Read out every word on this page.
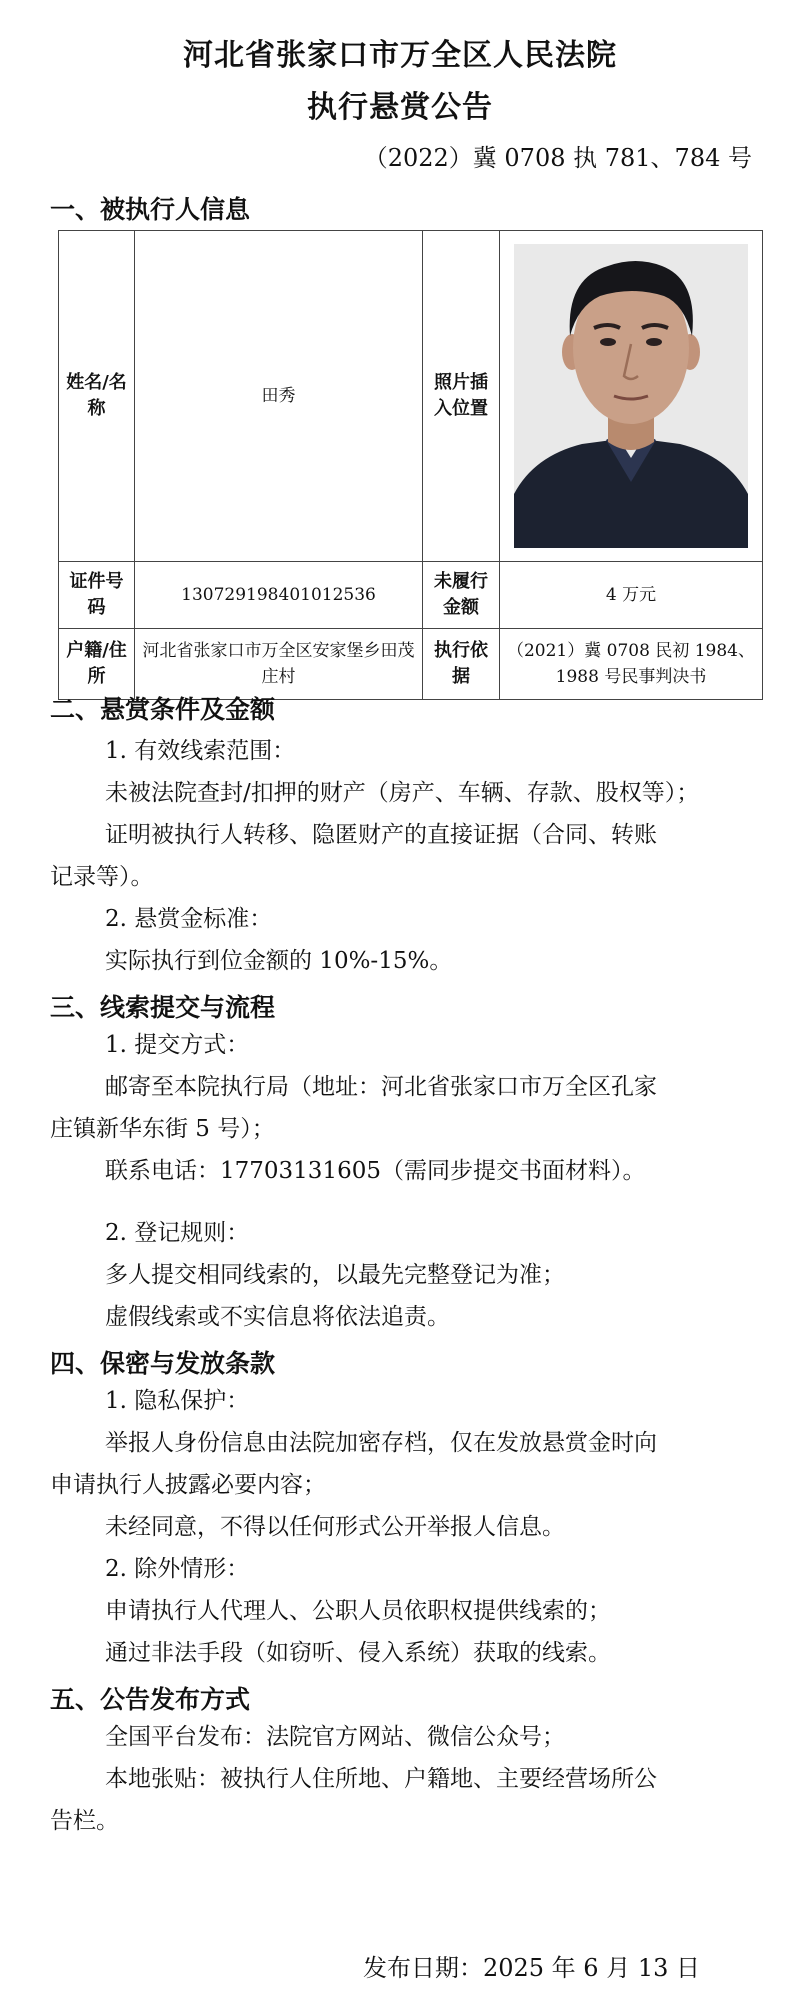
河北省张家口市万全区人民法院
执行悬赏公告

（2022）冀 0708 执 781、784 号

一、被执行人信息
姓名/名称	田秀	照片插入位置	

证件号码	130729198401012536	未履行金额	4 万元
户籍/住所	河北省张家口市万全区安家堡乡田茂庄村	执行依据	（2021）冀 0708 民初 1984、1988 号民事判决书
二、悬赏条件及金额

1. 有效线索范围：

未被法院查封/扣押的财产（房产、车辆、存款、股权等）；

证明被执行人转移、隐匿财产的直接证据（合同、转账

记录等）。

2. 悬赏金标准：

实际执行到位金额的 10%-15%。

三、线索提交与流程

1. 提交方式：

邮寄至本院执行局（地址：河北省张家口市万全区孔家

庄镇新华东街 5 号）；

联系电话：17703131605（需同步提交书面材料）。

2. 登记规则：

多人提交相同线索的，以最先完整登记为准；

虚假线索或不实信息将依法追责。

四、保密与发放条款

1. 隐私保护：

举报人身份信息由法院加密存档，仅在发放悬赏金时向

申请执行人披露必要内容；

未经同意，不得以任何形式公开举报人信息。

2. 除外情形：

申请执行人代理人、公职人员依职权提供线索的；

通过非法手段（如窃听、侵入系统）获取的线索。

五、公告发布方式

全国平台发布：法院官方网站、微信公众号；

本地张贴：被执行人住所地、户籍地、主要经营场所公

告栏。

发布日期：2025 年 6 月 13 日
